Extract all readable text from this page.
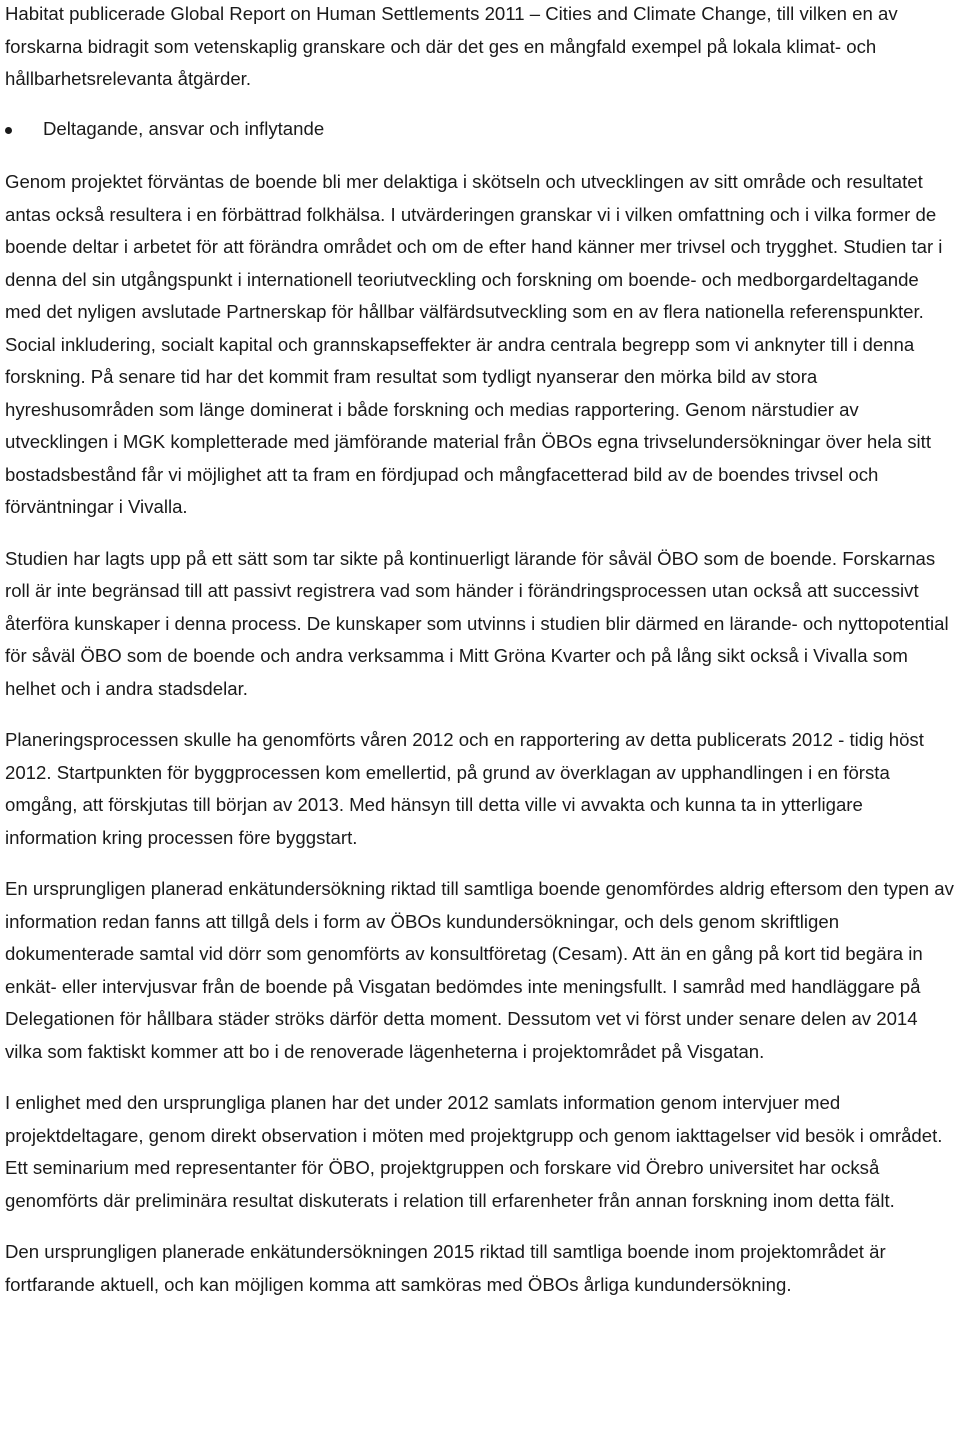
Habitat publicerade Global Report on Human Settlements 2011 – Cities and Climate Change, till vilken en av forskarna bidragit som vetenskaplig granskare och där det ges en mångfald exempel på lokala klimat- och hållbarhetsrelevanta åtgärder.

Deltagande, ansvar och inflytande

Genom projektet förväntas de boende bli mer delaktiga i skötseln och utvecklingen av sitt område och resultatet antas också resultera i en förbättrad folkhälsa. I utvärderingen granskar vi i vilken omfattning och i vilka former de boende deltar i arbetet för att förändra området och om de efter hand känner mer trivsel och trygghet. Studien tar i denna del sin utgångspunkt i internationell teoriutveckling och forskning om boende- och medborgardeltagande med det nyligen avslutade Partnerskap för hållbar välfärdsutveckling som en av flera nationella referenspunkter. Social inkludering, socialt kapital och grannskapseffekter är andra centrala begrepp som vi anknyter till i denna forskning. På senare tid har det kommit fram resultat som tydligt nyanserar den mörka bild av stora hyreshusområden som länge dominerat i både forskning och medias rapportering. Genom närstudier av utvecklingen i MGK kompletterade med jämförande material från ÖBOs egna trivselundersökningar över hela sitt bostadsbestånd får vi möjlighet att ta fram en fördjupad och mångfacetterad bild av de boendes trivsel och förväntningar i Vivalla.

Studien har lagts upp på ett sätt som tar sikte på kontinuerligt lärande för såväl ÖBO som de boende. Forskarnas roll är inte begränsad till att passivt registrera vad som händer i förändringsprocessen utan också att successivt återföra kunskaper i denna process. De kunskaper som utvinns i studien blir därmed en lärande- och nyttopotential för såväl ÖBO som de boende och andra verksamma i Mitt Gröna Kvarter och på lång sikt också i Vivalla som helhet och i andra stadsdelar.

Planeringsprocessen skulle ha genomförts våren 2012 och en rapportering av detta publicerats 2012 - tidig höst 2012. Startpunkten för byggprocessen kom emellertid, på grund av överklagan av upphandlingen i en första omgång, att förskjutas till början av 2013. Med hänsyn till detta ville vi avvakta och kunna ta in ytterligare information kring processen före byggstart.

En ursprungligen planerad enkätundersökning riktad till samtliga boende genomfördes aldrig eftersom den typen av information redan fanns att tillgå dels i form av ÖBOs kundundersökningar, och dels genom skriftligen dokumenterade samtal vid dörr som genomförts av konsultföretag (Cesam). Att än en gång på kort tid begära in enkät- eller intervjusvar från de boende på Visgatan bedömdes inte meningsfullt. I samråd med handläggare på Delegationen för hållbara städer ströks därför detta moment. Dessutom vet vi först under senare delen av 2014 vilka som faktiskt kommer att bo i de renoverade lägenheterna i projektområdet på Visgatan.

I enlighet med den ursprungliga planen har det under 2012 samlats information genom intervjuer med projektdeltagare, genom direkt observation i möten med projektgrupp och genom iakttagelser vid besök i området. Ett seminarium med representanter för ÖBO, projektgruppen och forskare vid Örebro universitet har också genomförts där preliminära resultat diskuterats i relation till erfarenheter från annan forskning inom detta fält.

Den ursprungligen planerade enkätundersökningen 2015 riktad till samtliga boende inom projektområdet är fortfarande aktuell, och kan möjligen komma att samköras med ÖBOs årliga kundundersökning.
